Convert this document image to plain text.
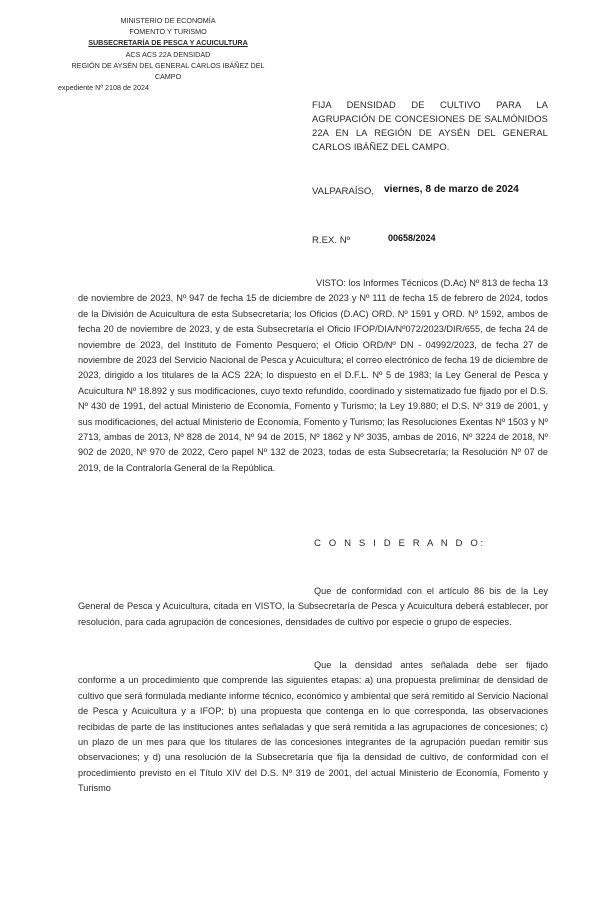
MINISTERIO DE ECONOMÍA
FOMENTO Y TURISMO
SUBSECRETARÍA DE PESCA Y ACUICULTURA
ACS ACS 22A DENSIDAD
REGIÓN DE AYSÉN DEL GENERAL CARLOS IBÁÑEZ DEL CAMPO
expediente Nº 2108 de 2024
FIJA DENSIDAD DE CULTIVO PARA LA AGRUPACIÓN DE CONCESIONES DE SALMÓNIDOS 22A EN LA REGIÓN DE AYSÉN DEL GENERAL CARLOS IBÁÑEZ DEL CAMPO.
VALPARAÍSO, viernes, 8 de marzo de 2024
R.EX. Nº	00658/2024
VISTO: los Informes Técnicos (D.Ac) Nº 813 de fecha 13 de noviembre de 2023, Nº 947 de fecha 15 de diciembre de 2023 y Nº 111 de fecha 15 de febrero de 2024, todos de la División de Acuicultura de esta Subsecretaría; los Oficios (D.AC) ORD. Nº 1591 y ORD. Nº 1592, ambos de fecha 20 de noviembre de 2023, y de esta Subsecretaría el Oficio IFOP/DIA/Nº072/2023/DIR/655, de fecha 24 de noviembre de 2023, del Instituto de Fomento Pesquero; el Oficio ORD/Nº DN - 04992/2023, de fecha 27 de noviembre de 2023 del Servicio Nacional de Pesca y Acuicultura; el correo electrónico de fecha 19 de diciembre de 2023, dirigido a los titulares de la ACS 22A; lo dispuesto en el D.F.L. Nº 5 de 1983; la Ley General de Pesca y Acuicultura Nº 18.892 y sus modificaciones, cuyo texto refundido, coordinado y sistematizado fue fijado por el D.S. Nº 430 de 1991, del actual Ministerio de Economía, Fomento y Turismo; la Ley 19.880; el D.S. Nº 319 de 2001, y sus modificaciones, del actual Ministerio de Economía, Fomento y Turismo; las Resoluciones Exentas Nº 1503 y Nº 2713, ambas de 2013, Nº 828 de 2014, Nº 94 de 2015, Nº 1862 y Nº 3035, ambas de 2016, Nº 3224 de 2018, Nº 902 de 2020, Nº 970 de 2022, Cero papel Nº 132 de 2023, todas de esta Subsecretaría; la Resolución Nº 07 de 2019, de la Contraloría General de la República.
C O N S I D E R A N D O:
Que de conformidad con el artículo 86 bis de la Ley General de Pesca y Acuicultura, citada en VISTO, la Subsecretaría de Pesca y Acuicultura deberá establecer, por resolución, para cada agrupación de concesiones, densidades de cultivo por especie o grupo de especies.
Que la densidad antes señalada debe ser fijado conforme a un procedimiento que comprende las siguientes etapas: a) una propuesta preliminar de densidad de cultivo que será formulada mediante informe técnico, económico y ambiental que será remitido al Servicio Nacional de Pesca y Acuicultura y a IFOP; b) una propuesta que contenga en lo que corresponda, las observaciones recibidas de parte de las instituciones antes señaladas y que será remitida a las agrupaciones de concesiones; c) un plazo de un mes para que los titulares de las concesiones integrantes de la agrupación puedan remitir sus observaciones; y d) una resolución de la Subsecretaría que fija la densidad de cultivo, de conformidad con el procedimiento previsto en el Título XIV del D.S. Nº 319 de 2001, del actual Ministerio de Economía, Fomento y Turismo
